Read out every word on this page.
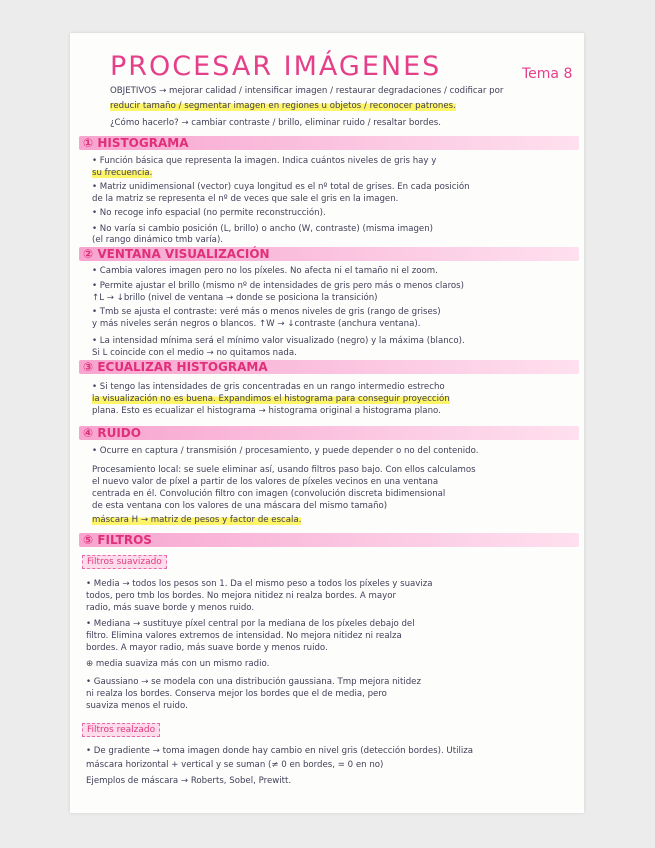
PROCESAR IMÁGENES	Tema 8
OBJETIVOS → mejorar calidad / intensificar imagen / restaurar degradaciones / codificar por
reducir tamaño / segmentar imagen en regiones u objetos / reconocer patrones.
¿Cómo hacerlo? → cambiar contraste / brillo, eliminar ruido / resaltar bordes.
① HISTOGRAMA
• Función básica que representa la imagen. Indica cuántos niveles de gris hay y
su frecuencia.
• Matriz unidimensional (vector) cuya longitud es el nº total de grises. En cada posición
de la matriz se representa el nº de veces que sale el gris en la imagen.
• No recoge info espacial (no permite reconstrucción).
• No varía si cambio posición (L, brillo) o ancho (W, contraste) (misma imagen)
(el rango dinámico tmb varía).
② VENTANA VISUALIZACIÓN
• Cambia valores imagen pero no los píxeles. No afecta ni el tamaño ni el zoom.
• Permite ajustar el brillo (mismo nº de intensidades de gris pero más o menos claros)
↑L → ↓brillo (nivel de ventana → donde se posiciona la transición)
• Tmb se ajusta el contraste: veré más o menos niveles de gris (rango de grises)
y más niveles serán negros o blancos. ↑W → ↓contraste (anchura ventana).
• La intensidad mínima será el mínimo valor visualizado (negro) y la máxima (blanco).
Si L coincide con el medio → no quitamos nada.
③ ECUALIZAR HISTOGRAMA
• Si tengo las intensidades de gris concentradas en un rango intermedio estrecho
la visualización no es buena. Expandimos el histograma para conseguir proyección
plana. Esto es ecualizar el histograma → histograma original a histograma plano.
④ RUIDO
• Ocurre en captura / transmisión / procesamiento, y puede depender o no del contenido.
Procesamiento local: se suele eliminar así, usando filtros paso bajo. Con ellos calculamos
el nuevo valor de píxel a partir de los valores de píxeles vecinos en una ventana
centrada en él. Convolución filtro con imagen (convolución discreta bidimensional
de esta ventana con los valores de una máscara del mismo tamaño)
máscara H → matriz de pesos y factor de escala.
⑤ FILTROS
Filtros suavizado
• Media → todos los pesos son 1. Da el mismo peso a todos los píxeles y suaviza
todos, pero tmb los bordes. No mejora nitidez ni realza bordes. A mayor
radio, más suave borde y menos ruido.
• Mediana → sustituye píxel central por la mediana de los píxeles debajo del
filtro. Elimina valores extremos de intensidad. No mejora nitidez ni realza
bordes. A mayor radio, más suave borde y menos ruido.
⊕ media suaviza más con un mismo radio.
• Gaussiano → se modela con una distribución gaussiana. Tmp mejora nitidez
ni realza los bordes. Conserva mejor los bordes que el de media, pero
suaviza menos el ruido.
Filtros realzado
• De gradiente → toma imagen donde hay cambio en nivel gris (detección bordes). Utiliza
máscara horizontal + vertical y se suman (≠ 0 en bordes, = 0 en no)
Ejemplos de máscara → Roberts, Sobel, Prewitt.
